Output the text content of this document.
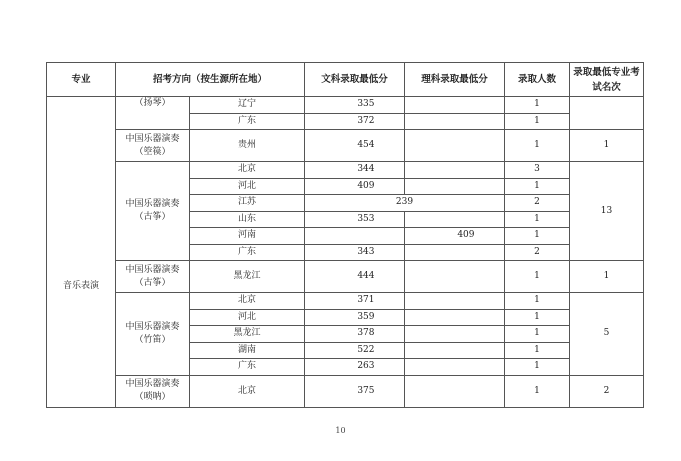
专业	招考方向（按生源所在地）		文科录取最低分	理科录取最低分	录取人数	录取最低专业考试名次
音乐表演	（扬琴）	辽宁	335		1	
		广东	372		1	

	中国乐器演奏
（箜篌）	贵州	454		1	1

	中国乐器演奏
（古筝）	北京	344		3	13
		河北	409		1	
		江苏	239		2	
		山东	353		1	
		河南		409	1	
		广东	343		2	

	中国乐器演奏
（古筝）	黑龙江	444		1	1

	中国乐器演奏
（竹笛）	北京	371		1	5
		河北	359		1	
		黑龙江	378		1	
		湖南	522		1	
		广东	263		1	

	中国乐器演奏
（唢呐）	北京	375		1	2
10
